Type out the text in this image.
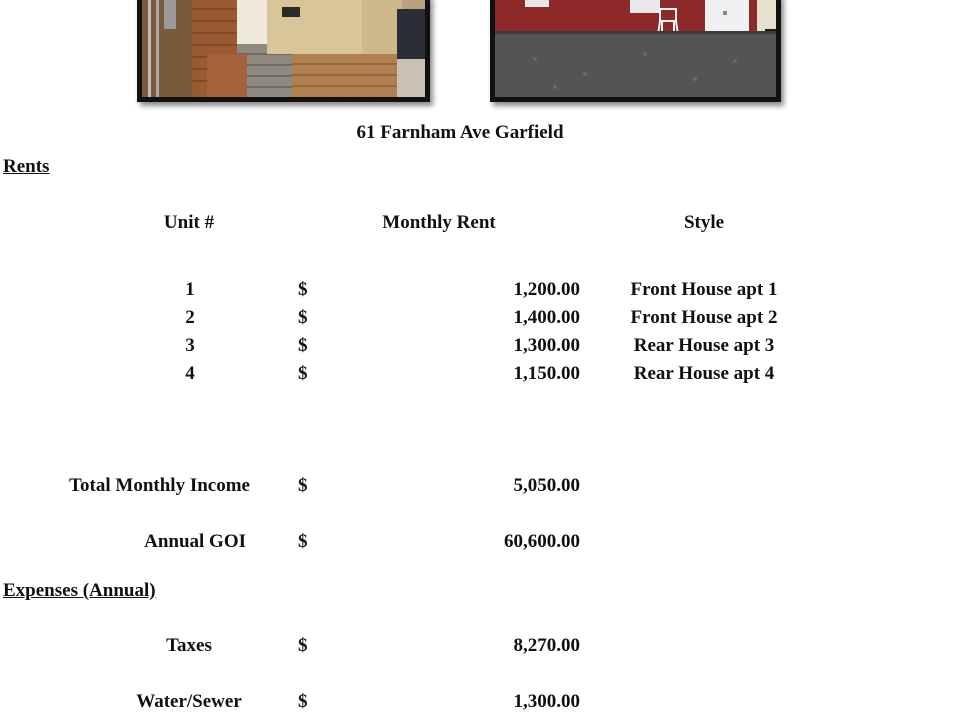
61 Farnham Ave Garfield
Rents
Unit #	Monthly Rent	Style
1	$	1,200.00	Front House apt 1
2	$	1,400.00	Front House apt 2
3	$	1,300.00	Rear House apt 3
4	$	1,150.00	Rear House apt 4
Total Monthly Income	$	5,050.00
Annual GOI	$	60,600.00
Expenses (Annual)
Taxes	$	8,270.00
Water/Sewer	$	1,300.00
